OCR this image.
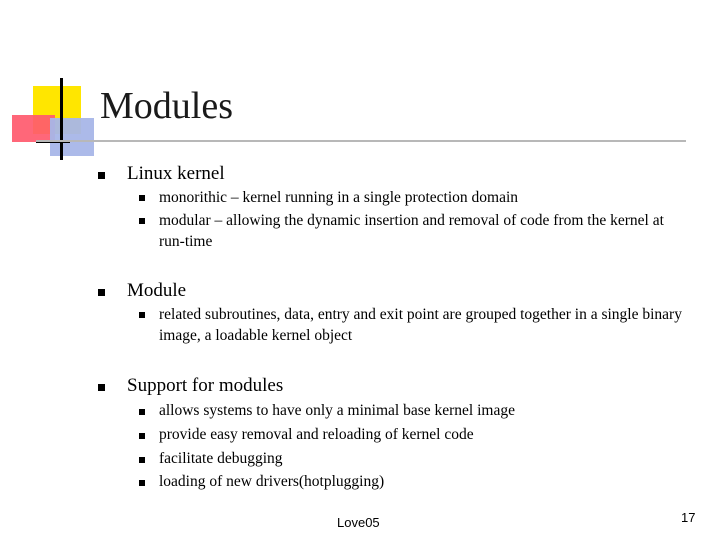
Modules

Linux kernel

monorithic – kernel running in a single protection domain

modular – allowing the dynamic insertion and removal of code from the kernel at run-time

Module

related subroutines, data, entry and exit point are grouped together in a single binary image, a loadable kernel object

Support for modules

allows systems to have only a minimal base kernel image

provide easy removal and reloading of kernel code

facilitate debugging

loading of new drivers(hotplugging)

Love05	17
